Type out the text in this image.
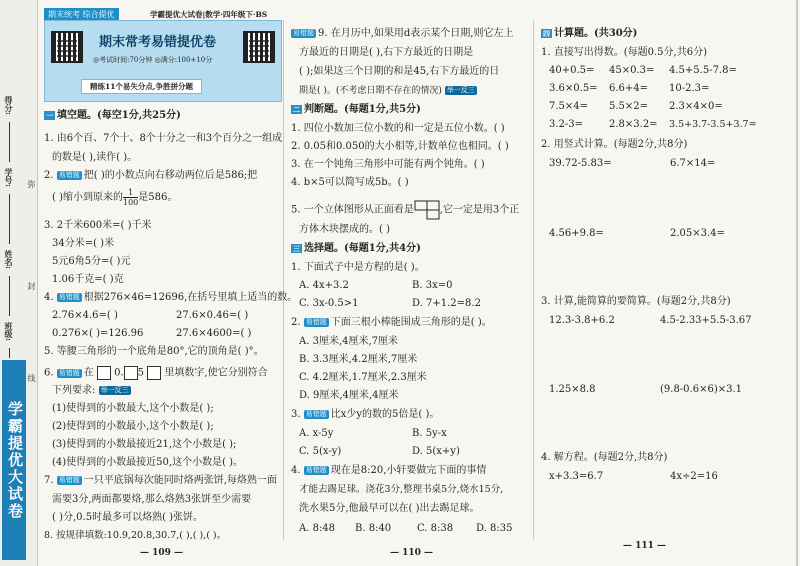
得分:
学号:
姓名:
班级:
弥
封
线
学霸提优大试卷
期末统考 综合提优	学霸提优大试卷|数学·四年级下·BS
期末常考易错提优卷
◎考试时间:70分钟 ◎满分:100+10分
精练11个易失分点,争胜拼分题
一 填空题。(每空1分,共25分)
1. 由6个百、7个十、8个十分之一和3个百分之一组成
的数是( ),读作( )。
2. 易错题 把( )的小数点向右移动两位后是586;把
( )缩小到原来的 $\frac{1}{100}$ 是586。
3. 2千米600米=( )千米
34分米=( )米
5元6角5分=( )元
1.06千克=( )克
4. 易错题 根据276×46=12696,在括号里填上适当的数。
2.76×4.6=( )	27.6×0.46=( )
0.276×( )=126.96	27.6×4600=( )
5. 等腰三角形的一个底角是80°,它的顶角是( )°。
6. 易错题 在 0. 5 里填数字,使它分别符合
下列要求: 举一反三
(1)使得到的小数最大,这个小数是( );
(2)使得到的小数最小,这个小数是( );
(3)使得到的小数最接近21,这个小数是( );
(4)使得到的小数最接近50,这个小数是( )。
7. 易错题 一只平底锅每次能同时烙两张饼,每烙熟一面
需要3分,两面都要烙,那么烙熟3张饼至少需要
( )分,0.5时最多可以烙熟( )张饼。
8. 按规律填数:10.9,20.8,30.7,( ),( ),( )。
— 109 —
易错题 9. 在月历中,如果用d表示某个日期,则它左上
方最近的日期是( ),右下方最近的日期是
( );如果这三个日期的和是45,右下方最近的日
期是( )。(不考虑日期不存在的情况) 举一反三
二 判断题。(每题1分,共5分)
1. 四位小数加三位小数的和一定是五位小数。( )
2. 0.05和0.050的大小相等,计数单位也相同。( )
3. 在一个钝角三角形中可能有两个钝角。( )
4. b×5可以简写成5b。( )
5. 一个立体图形从正面看是	,它一定是用3个正
方体木块摆成的。( )
三 选择题。(每题1分,共4分)
1. 下面式子中是方程的是( )。
A. 4x+3.2	B. 3x=0
C. 3x-0.5>1	D. 7+1.2=8.2
2. 易错题 下面三根小棒能围成三角形的是( )。
A. 3厘米,4厘米,7厘米
B. 3.3厘米,4.2厘米,7厘米
C. 4.2厘米,1.7厘米,2.3厘米
D. 9厘米,4厘米,4厘米
3. 易错题 比x少y的数的5倍是( )。
A. x-5y	B. 5y-x
C. 5(x-y)	D. 5(x+y)
4. 易错题 现在是8:20,小轩要做完下面的事情
才能去踢足球。浇花3分,整理书桌5分,烧水15分,
洗水果5分,他最早可以在( )出去踢足球。
A. 8:48 B. 8:40	C. 8:38 D. 8:35
— 110 —
四 计算题。(共30分)
1. 直接写出得数。(每题0.5分,共6分)
40+0.5= 45×0.3= 4.5+5.5-7.8=
3.6×0.5= 6.6+4= 10-2.3=
7.5×4= 5.5×2= 2.3×4×0=
3.2-3=	2.8×3.2= 3.5+3.7-3.5+3.7=
2. 用竖式计算。(每题2分,共8分)
39.72-5.83=	6.7×14=
4.56+9.8=	2.05×3.4=
3. 计算,能简算的要简算。(每题2分,共8分)
12.3-3.8+6.2	4.5-2.33+5.5-3.67
1.25×8.8	(9.8-0.6×6)×3.1
4. 解方程。(每题2分,共8分)
x+3.3=6.7	4x÷2=16
— 111 —
